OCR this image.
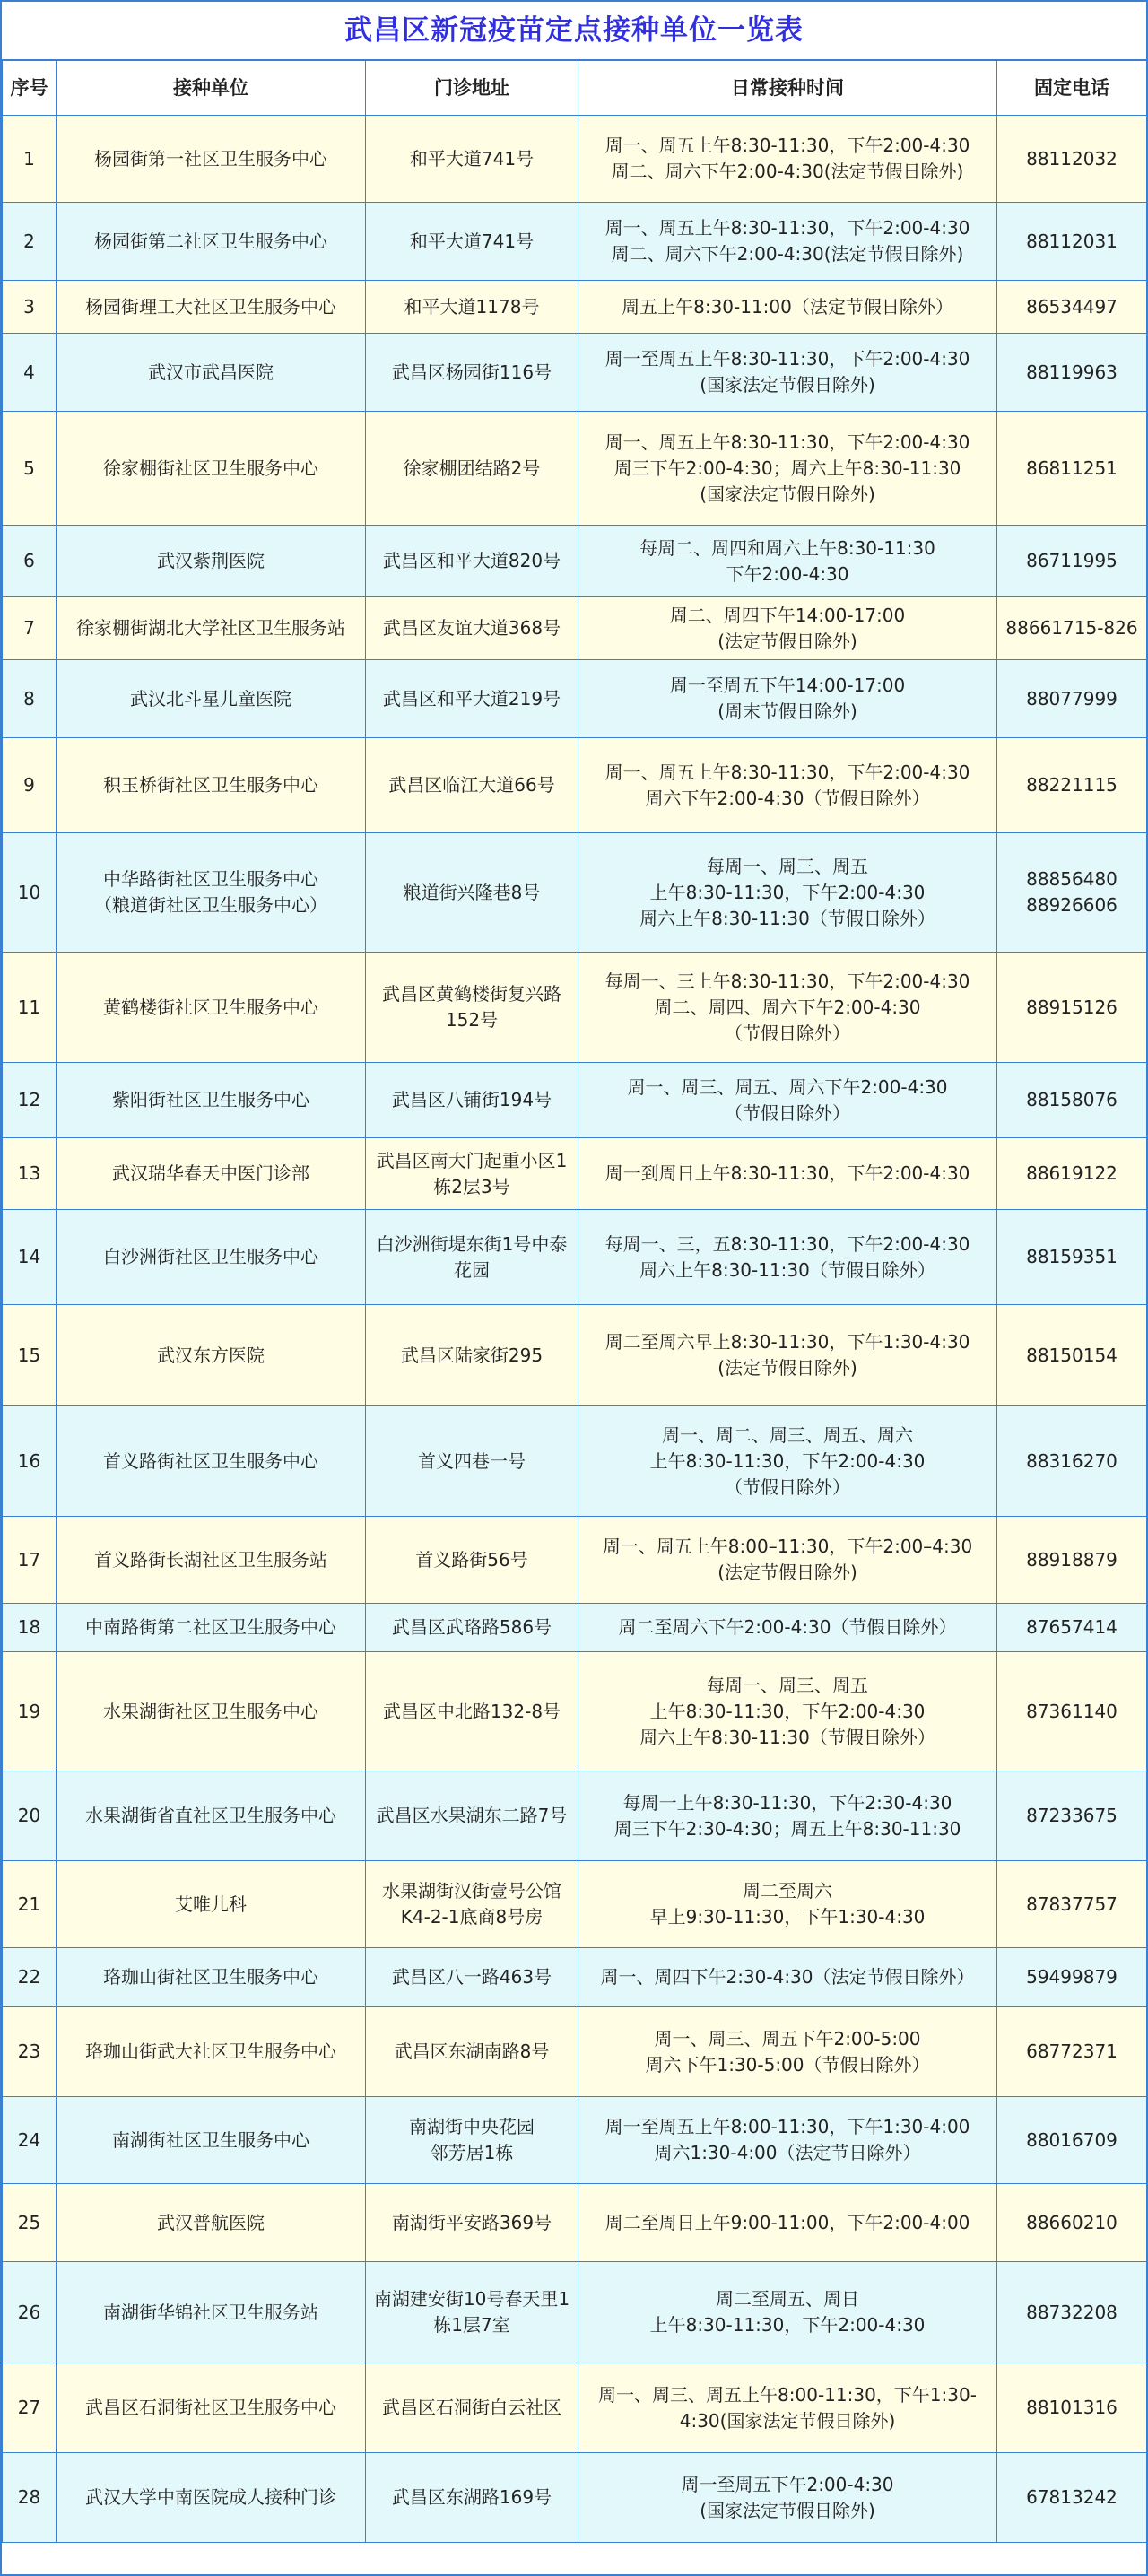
武昌区新冠疫苗定点接种单位一览表
序号	接种单位	门诊地址	日常接种时间	固定电话
1	杨园街第一社区卫生服务中心	和平大道741号	周一、周五上午8:30-11:30，下午2:00-4:30
周二、周六下午2:00-4:30(法定节假日除外)	88112032

2	杨园街第二社区卫生服务中心	和平大道741号	周一、周五上午8:30-11:30，下午2:00-4:30
周二、周六下午2:00-4:30(法定节假日除外)	88112031

3	杨园街理工大社区卫生服务中心	和平大道1178号	周五上午8:30-11:00（法定节假日除外）	86534497

4	武汉市武昌医院	武昌区杨园街116号	周一至周五上午8:30-11:30，下午2:00-4:30
(国家法定节假日除外)	88119963

5	徐家棚街社区卫生服务中心	徐家棚团结路2号	周一、周五上午8:30-11:30，下午2:00-4:30
周三下午2:00-4:30；周六上午8:30-11:30
(国家法定节假日除外)	86811251

6	武汉紫荆医院	武昌区和平大道820号	每周二、周四和周六上午8:30-11:30
下午2:00-4:30	86711995

7	徐家棚街湖北大学社区卫生服务站	武昌区友谊大道368号	周二、周四下午14:00-17:00
(法定节假日除外)	88661715-826

8	武汉北斗星儿童医院	武昌区和平大道219号	周一至周五下午14:00-17:00
(周末节假日除外)	88077999

9	积玉桥街社区卫生服务中心	武昌区临江大道66号	周一、周五上午8:30-11:30，下午2:00-4:30
周六下午2:00-4:30（节假日除外）	88221115

10	中华路街社区卫生服务中心
（粮道街社区卫生服务中心）	粮道街兴隆巷8号	每周一、周三、周五
上午8:30-11:30，下午2:00-4:30
周六上午8:30-11:30（节假日除外）	88856480
88926606

11	黄鹤楼街社区卫生服务中心	武昌区黄鹤楼街复兴路152号	每周一、三上午8:30-11:30，下午2:00-4:30
周二、周四、周六下午2:00-4:30
（节假日除外）	88915126

12	紫阳街社区卫生服务中心	武昌区八铺街194号	周一、周三、周五、周六下午2:00-4:30
（节假日除外）	88158076

13	武汉瑞华春天中医门诊部	武昌区南大门起重小区1栋2层3号	周一到周日上午8:30-11:30，下午2:00-4:30	88619122

14	白沙洲街社区卫生服务中心	白沙洲街堤东街1号中泰花园	每周一、三，五8:30-11:30，下午2:00-4:30
周六上午8:30-11:30（节假日除外）	88159351

15	武汉东方医院	武昌区陆家街295	周二至周六早上8:30-11:30，下午1:30-4:30
(法定节假日除外)	88150154

16	首义路街社区卫生服务中心	首义四巷一号	周一、周二、周三、周五、周六
上午8:30-11:30，下午2:00-4:30
（节假日除外）	88316270

17	首义路街长湖社区卫生服务站	首义路街56号	周一、周五上午8:00–11:30，下午2:00–4:30
(法定节假日除外)	88918879

18	中南路街第二社区卫生服务中心	武昌区武珞路586号	周二至周六下午2:00-4:30（节假日除外）	87657414

19	水果湖街社区卫生服务中心	武昌区中北路132-8号	每周一、周三、周五
上午8:30-11:30，下午2:00-4:30
周六上午8:30-11:30（节假日除外）	87361140

20	水果湖街省直社区卫生服务中心	武昌区水果湖东二路7号	每周一上午8:30-11:30，下午2:30-4:30
周三下午2:30-4:30；周五上午8:30-11:30	87233675

21	艾唯儿科	水果湖街汉街壹号公馆K4-2-1底商8号房	周二至周六
早上9:30-11:30，下午1:30-4:30	87837757

22	珞珈山街社区卫生服务中心	武昌区八一路463号	周一、周四下午2:30-4:30（法定节假日除外）	59499879

23	珞珈山街武大社区卫生服务中心	武昌区东湖南路8号	周一、周三、周五下午2:00-5:00
周六下午1:30-5:00（节假日除外）	68772371

24	南湖街社区卫生服务中心	南湖街中央花园
邻芳居1栋	周一至周五上午8:00-11:30，下午1:30-4:00
周六1:30-4:00（法定节日除外）	88016709

25	武汉普航医院	南湖街平安路369号	周二至周日上午9:00-11:00，下午2:00-4:00	88660210

26	南湖街华锦社区卫生服务站	南湖建安街10号春天里1栋1层7室	周二至周五、周日
上午8:30-11:30，下午2:00-4:30	88732208

27	武昌区石洞街社区卫生服务中心	武昌区石洞街白云社区	周一、周三、周五上午8:00-11:30，下午1:30-4:30(国家法定节假日除外)	88101316

28	武汉大学中南医院成人接种门诊	武昌区东湖路169号	周一至周五下午2:00-4:30
(国家法定节假日除外)	67813242
